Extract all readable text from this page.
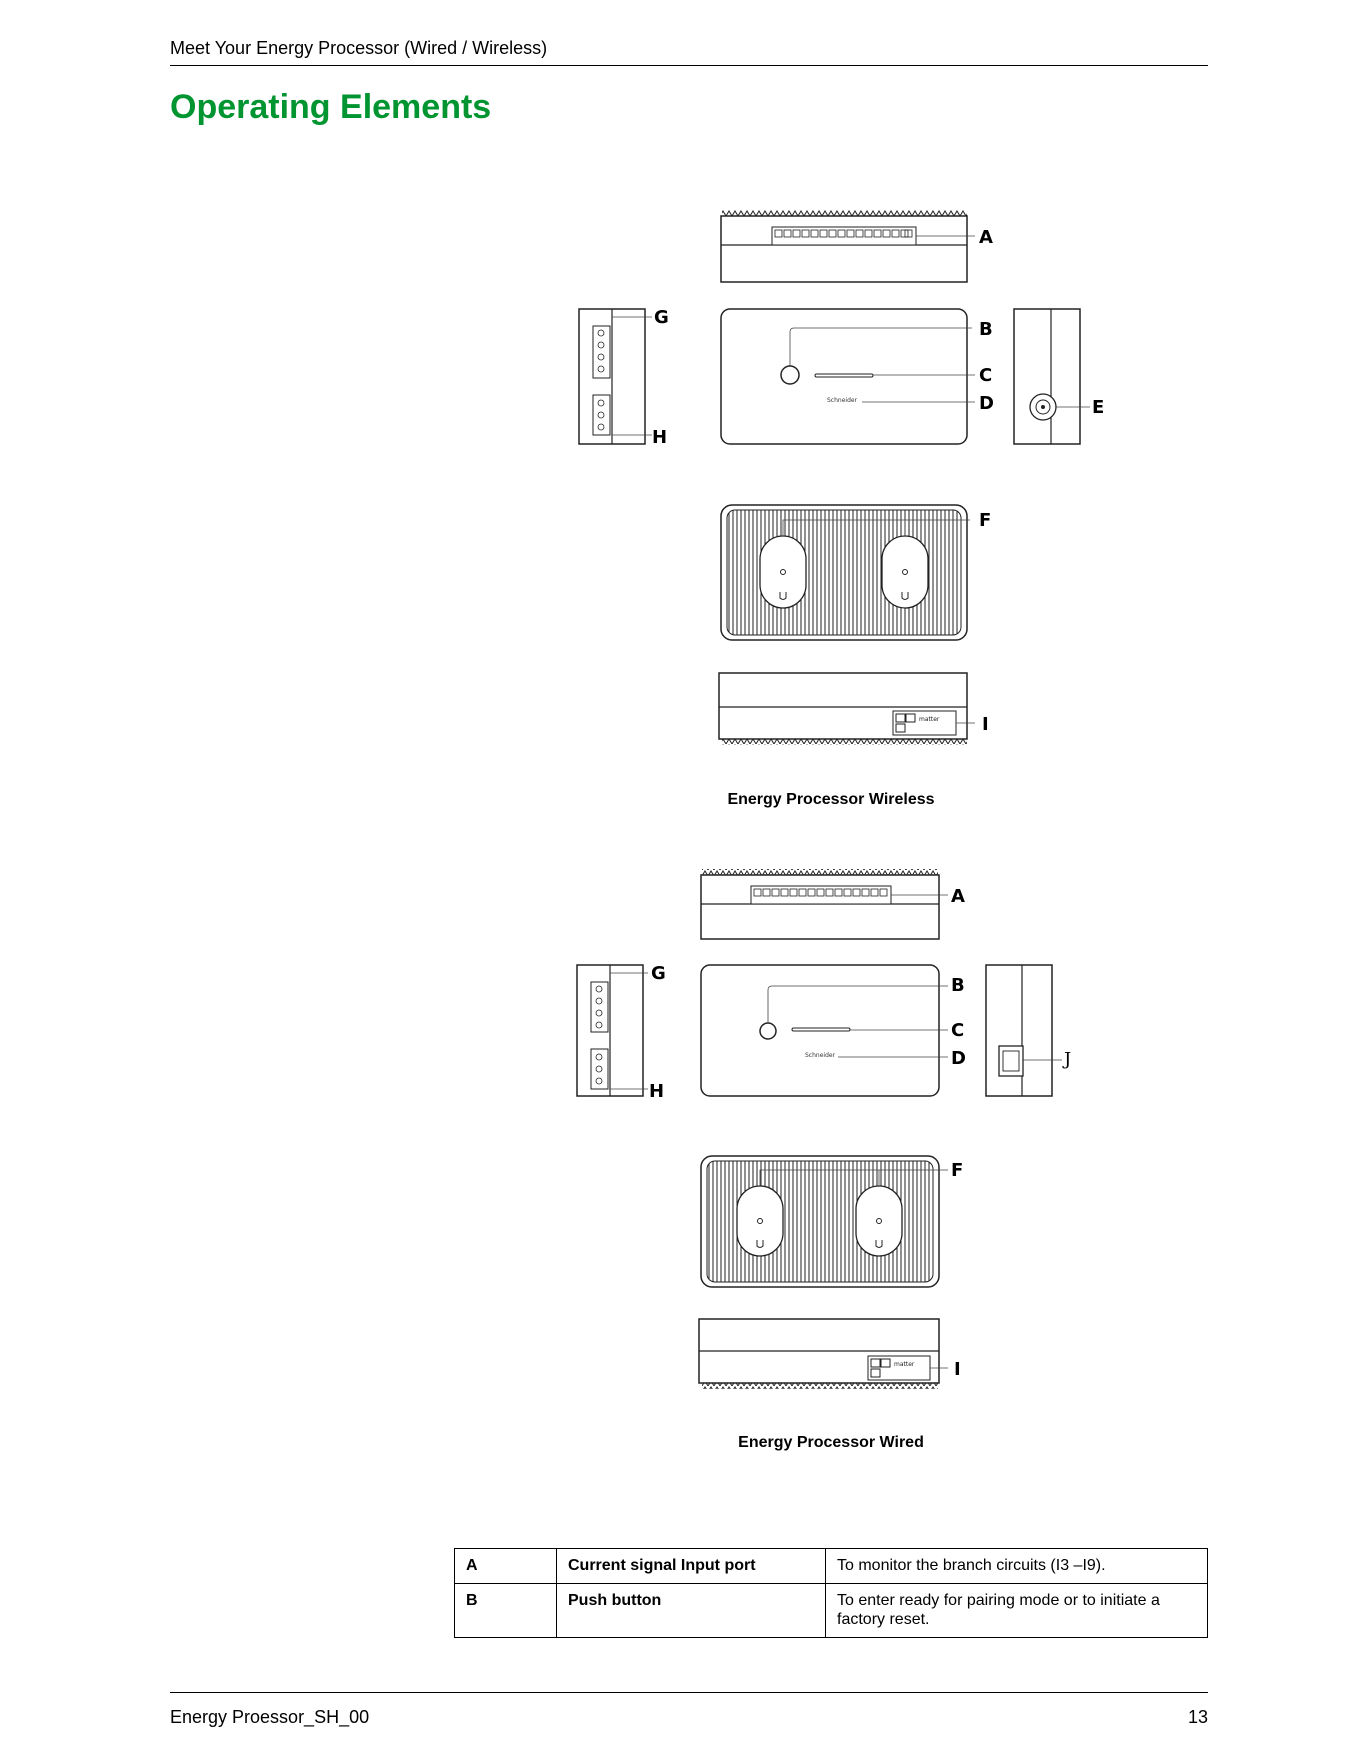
Meet Your Energy Processor (Wired / Wireless)
Operating Elements
Schneider
matter
A
B
C
D	E
F
G
H
I
Schneider
matter
A
B
C
D	J
F
G
H
I
Energy Processor Wireless
Energy Processor Wired
A	Current signal Input port	To monitor the branch circuits (I3 –I9).
B	Push button	To enter ready for pairing mode or to initiate a factory reset.
Energy Proessor_SH_00	13
